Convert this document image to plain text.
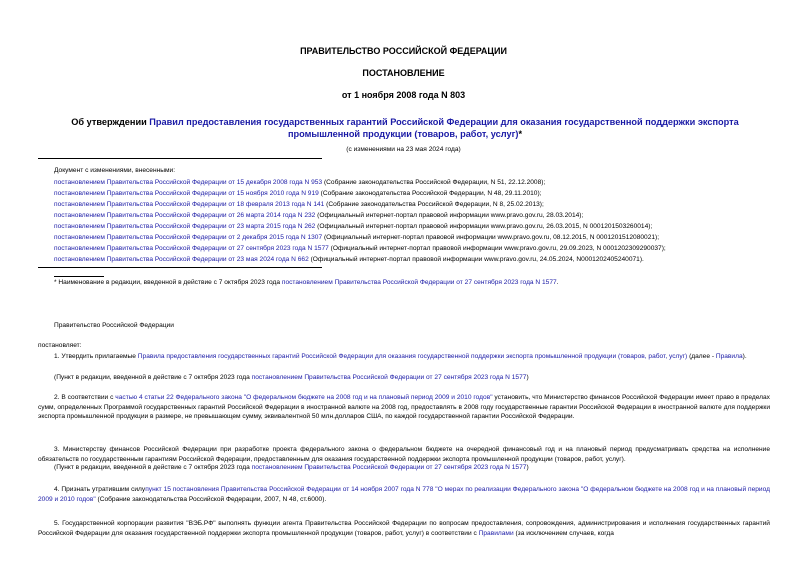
ПРАВИТЕЛЬСТВО РОССИЙСКОЙ ФЕДЕРАЦИИ
ПОСТАНОВЛЕНИЕ
от 1 ноября 2008 года N 803
Об утверждении Правил предоставления государственных гарантий Российской Федерации для оказания государственной поддержки экспорта промышленной продукции (товаров, работ, услуг)*
(с изменениями на 23 мая 2024 года)
Документ с изменениями, внесенными:
постановлением Правительства Российской Федерации от 15 декабря 2008 года N 953 (Собрание законодательства Российской Федерации, N 51, 22.12.2008);
постановлением Правительства Российской Федерации от 15 ноября 2010 года N 919 (Собрание законодательства Российской Федерации, N 48, 29.11.2010);
постановлением Правительства Российской Федерации от 18 февраля 2013 года N 141 (Собрание законодательства Российской Федерации, N 8, 25.02.2013);
постановлением Правительства Российской Федерации от 26 марта 2014 года N 232 (Официальный интернет-портал правовой информации www.pravo.gov.ru, 28.03.2014);
постановлением Правительства Российской Федерации от 23 марта 2015 года N 262 (Официальный интернет-портал правовой информации www.pravo.gov.ru, 26.03.2015, N 0001201503260014);
постановлением Правительства Российской Федерации от 2 декабря 2015 года N 1307 (Официальный интернет-портал правовой информации www.pravo.gov.ru, 08.12.2015, N 0001201512080021);
постановлением Правительства Российской Федерации от 27 сентября 2023 года N 1577 (Официальный интернет-портал правовой информации www.pravo.gov.ru, 29.09.2023, N 0001202309290037);
постановлением Правительства Российской Федерации от 23 мая 2024 года N 662 (Официальный интернет-портал правовой информации www.pravo.gov.ru, 24.05.2024, N0001202405240071).
* Наименование в редакции, введенной в действие с 7 октября 2023 года постановлением Правительства Российской Федерации от 27 сентября 2023 года N 1577.
Правительство Российской Федерации
постановляет:
1. Утвердить прилагаемые Правила предоставления государственных гарантий Российской Федерации для оказания государственной поддержки экспорта промышленной продукции (товаров, работ, услуг) (далее - Правила).
(Пункт в редакции, введенной в действие с 7 октября 2023 года постановлением Правительства Российской Федерации от 27 сентября 2023 года N 1577)
2. В соответствии с частью 4 статьи 22 Федерального закона "О федеральном бюджете на 2008 год и на плановый период 2009 и 2010 годов" установить, что Министерство финансов Российской Федерации имеет право в пределах сумм, определенных Программой государственных гарантий Российской Федерации в иностранной валюте на 2008 год, предоставлять в 2008 году государственные гарантии Российской Федерации в иностранной валюте для поддержки экспорта промышленной продукции в размере, не превышающем сумму, эквивалентной 50 млн.долларов США, по каждой государственной гарантии Российской Федерации.
3. Министерству финансов Российской Федерации при разработке проекта федерального закона о федеральном бюджете на очередной финансовый год и на плановый период предусматривать средства на исполнение обязательств по государственным гарантиям Российской Федерации, предоставленным для оказания государственной поддержки экспорта промышленной продукции (товаров, работ, услуг).
(Пункт в редакции, введенной в действие с 7 октября 2023 года постановлением Правительства Российской Федерации от 27 сентября 2023 года N 1577)
4. Признать утратившим силупункт 15 постановления Правительства Российской Федерации от 14 ноября 2007 года N 778 "О мерах по реализации Федерального закона "О федеральном бюджете на 2008 год и на плановый период 2009 и 2010 годов" (Собрание законодательства Российской Федерации, 2007, N 48, ст.6000).
5. Государственной корпорации развития "ВЭБ.РФ" выполнять функции агента Правительства Российской Федерации по вопросам предоставления, сопровождения, администрирования и исполнения государственных гарантий Российской Федерации для оказания государственной поддержки экспорта промышленной продукции (товаров, работ, услуг) в соответствии с Правилами (за исключением случаев, когда
